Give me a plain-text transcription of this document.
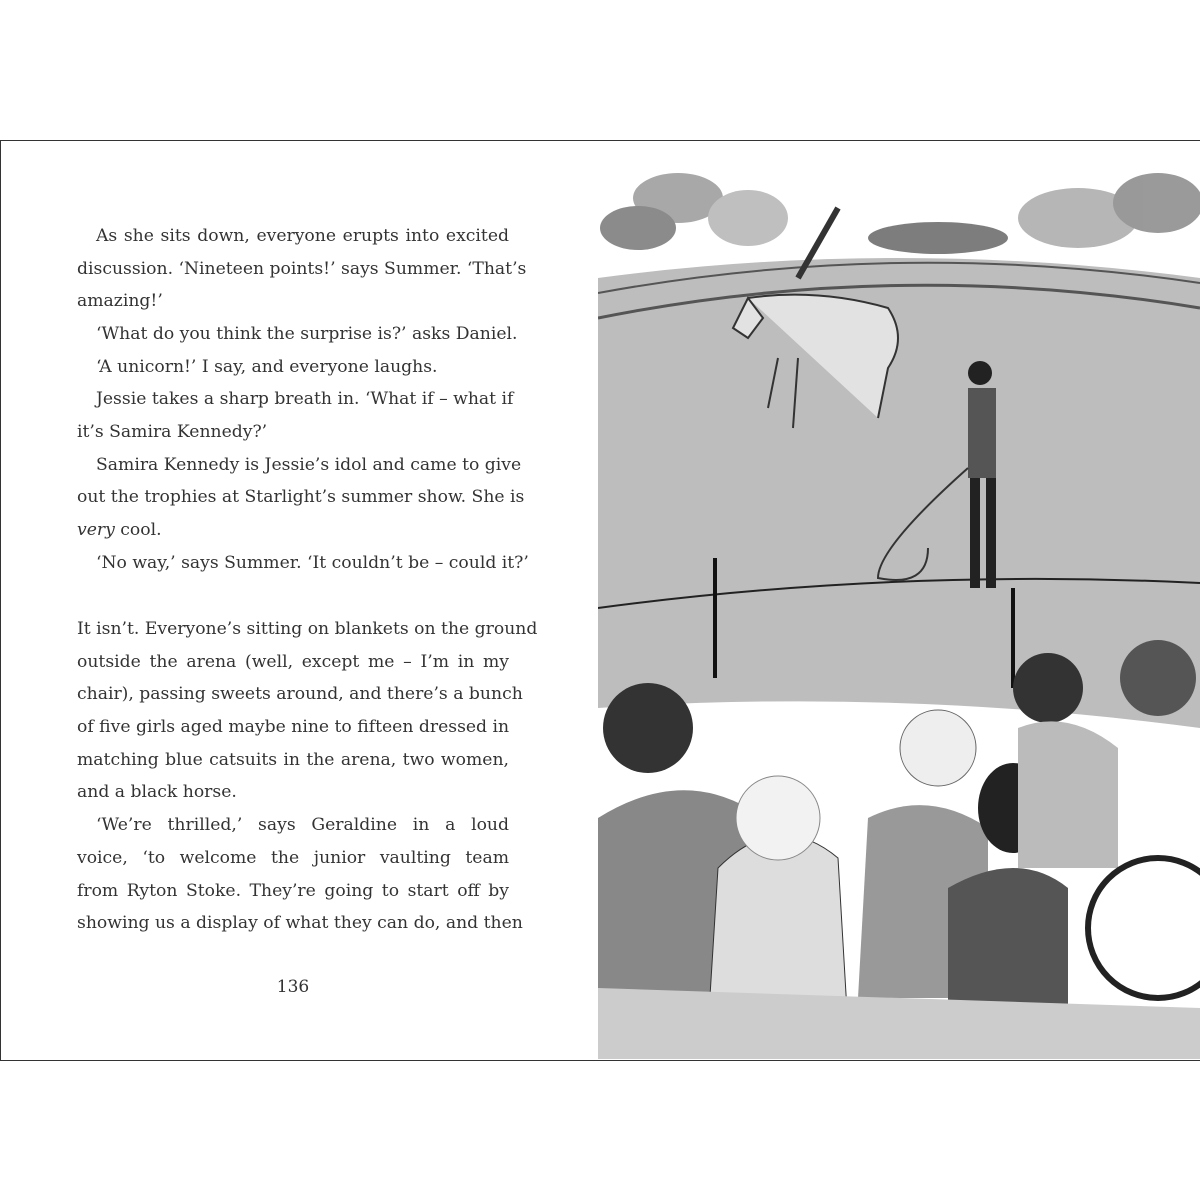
As she sits down, everyone erupts into excited
discussion. ‘Nineteen points!’ says Summer. ‘That’s
amazing!’
‘What do you think the surprise is?’ asks Daniel.
‘A unicorn!’ I say, and everyone laughs.
Jessie takes a sharp breath in. ‘What if – what if
it’s Samira Kennedy?’
Samira Kennedy is Jessie’s idol and came to give
out the trophies at Starlight’s summer show. She is
very cool.
‘No way,’ says Summer. ‘It couldn’t be – could it?’
It isn’t. Everyone’s sitting on blankets on the ground
outside the arena (well, except me – I’m in my
chair), passing sweets around, and there’s a bunch
of five girls aged maybe nine to fifteen dressed in
matching blue catsuits in the arena, two women,
and a black horse.
‘We’re thrilled,’ says Geraldine in a loud
voice, ‘to welcome the junior vaulting team
from Ryton Stoke. They’re going to start off by
showing us a display of what they can do, and then
136
